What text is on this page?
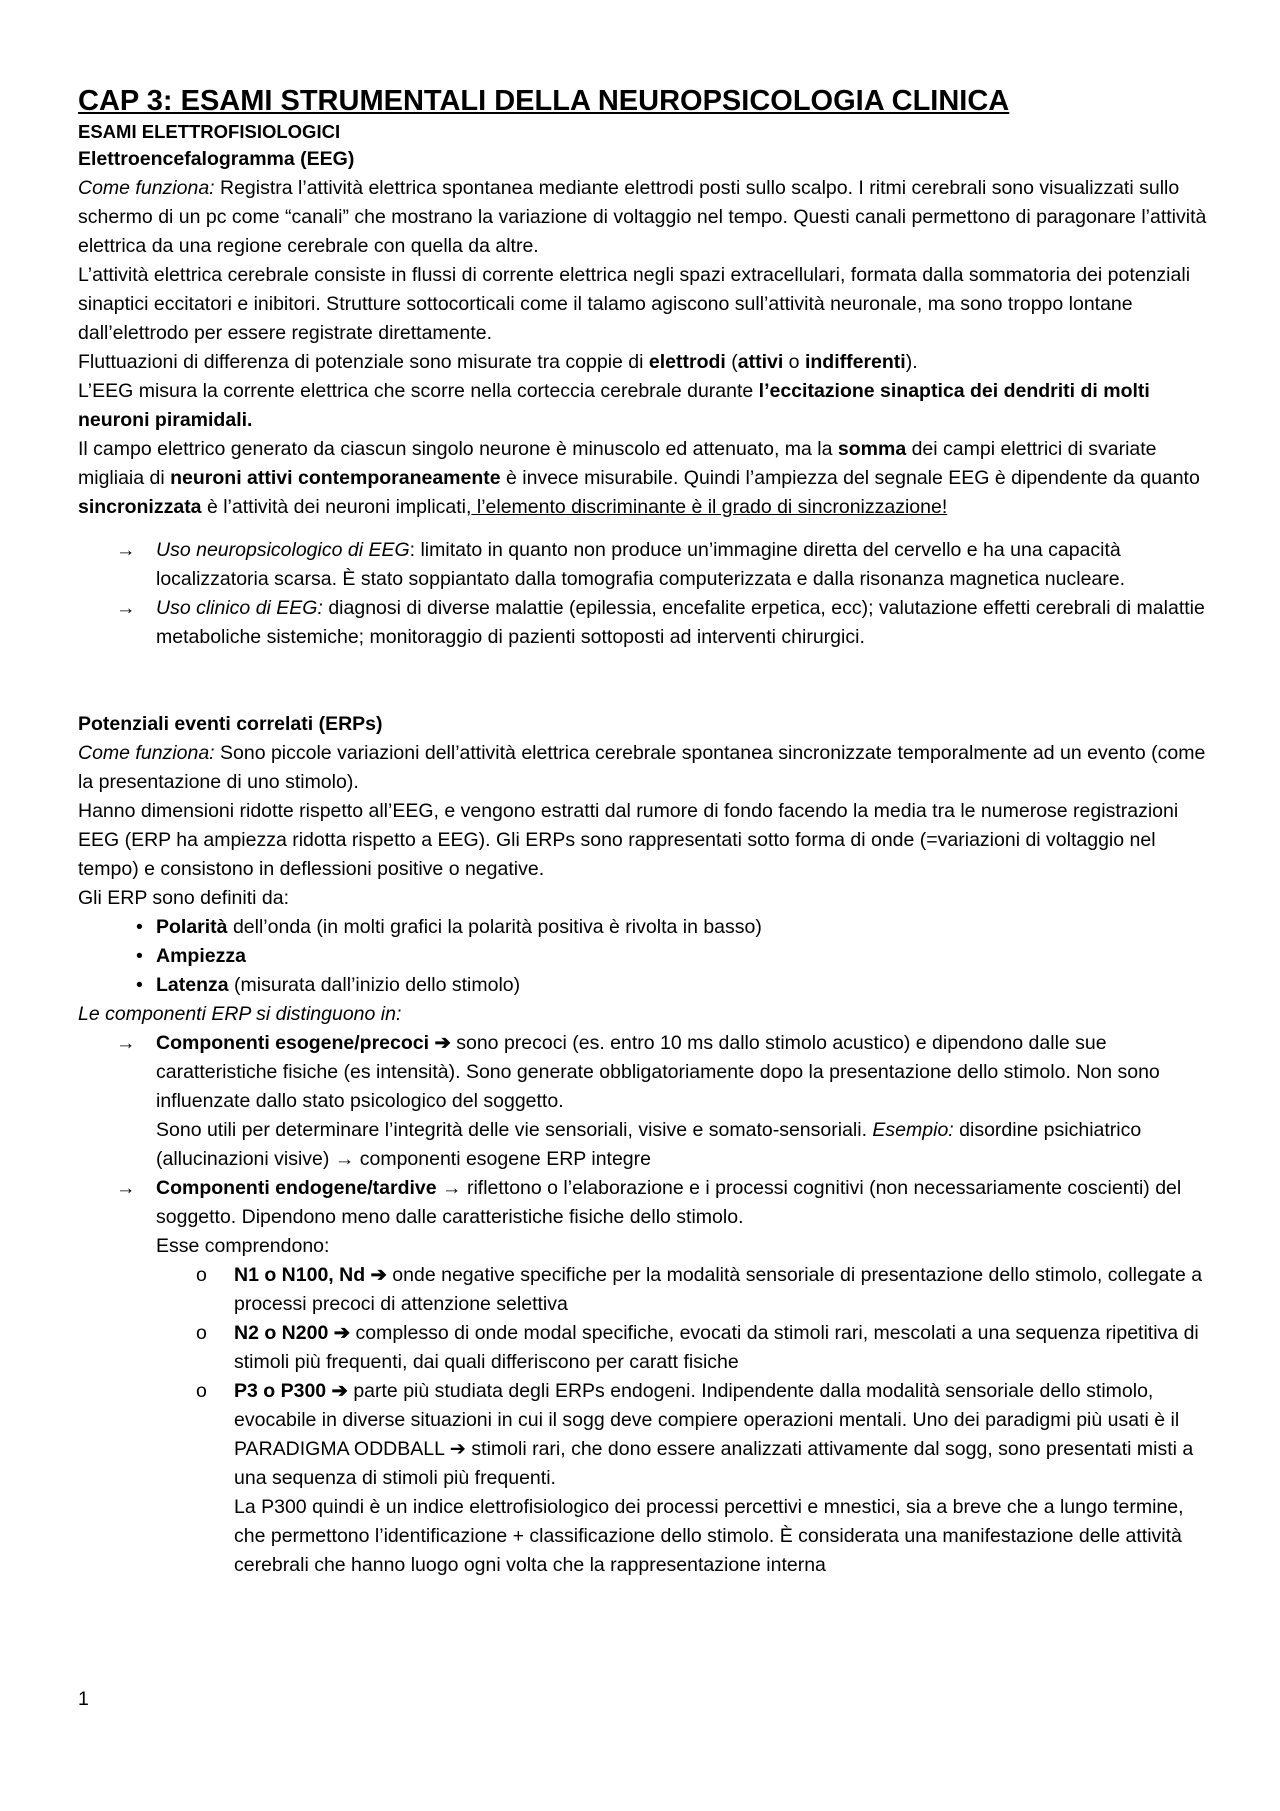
CAP 3: ESAMI STRUMENTALI DELLA NEUROPSICOLOGIA CLINICA
ESAMI ELETTROFISIOLOGICI
Elettroencefalogramma (EEG)

Come funziona: Registra l’attività elettrica spontanea mediante elettrodi posti sullo scalpo. I ritmi cerebrali sono visualizzati sullo schermo di un pc come “canali” che mostrano la variazione di voltaggio nel tempo. Questi canali permettono di paragonare l’attività elettrica da una regione cerebrale con quella da altre.

L’attività elettrica cerebrale consiste in flussi di corrente elettrica negli spazi extracellulari, formata dalla sommatoria dei potenziali sinaptici eccitatori e inibitori. Strutture sottocorticali come il talamo agiscono sull’attività neuronale, ma sono troppo lontane dall’elettrodo per essere registrate direttamente.

Fluttuazioni di differenza di potenziale sono misurate tra coppie di elettrodi (attivi o indifferenti).

L’EEG misura la corrente elettrica che scorre nella corteccia cerebrale durante l’eccitazione sinaptica dei dendriti di molti neuroni piramidali.

Il campo elettrico generato da ciascun singolo neurone è minuscolo ed attenuato, ma la somma dei campi elettrici di svariate migliaia di neuroni attivi contemporaneamente è invece misurabile. Quindi l’ampiezza del segnale EEG è dipendente da quanto sincronizzata è l’attività dei neuroni implicati, l’elemento discriminante è il grado di sincronizzazione!

→ Uso neuropsicologico di EEG: limitato in quanto non produce un’immagine diretta del cervello e ha una capacità localizzatoria scarsa. È stato soppiantato dalla tomografia computerizzata e dalla risonanza magnetica nucleare.
→ Uso clinico di EEG: diagnosi di diverse malattie (epilessia, encefalite erpetica, ecc); valutazione effetti cerebrali di malattie metaboliche sistemiche; monitoraggio di pazienti sottoposti ad interventi chirurgici.
Potenziali eventi correlati (ERPs)

Come funziona: Sono piccole variazioni dell’attività elettrica cerebrale spontanea sincronizzate temporalmente ad un evento (come la presentazione di uno stimolo).

Hanno dimensioni ridotte rispetto all’EEG, e vengono estratti dal rumore di fondo facendo la media tra le numerose registrazioni EEG (ERP ha ampiezza ridotta rispetto a EEG). Gli ERPs sono rappresentati sotto forma di onde (=variazioni di voltaggio nel tempo) e consistono in deflessioni positive o negative.

Gli ERP sono definiti da:

• Polarità dell’onda (in molti grafici la polarità positiva è rivolta in basso)
• Ampiezza
• Latenza (misurata dall’inizio dello stimolo)

Le componenti ERP si distinguono in:

→ Componenti esogene/precoci ➔ sono precoci (es. entro 10 ms dallo stimolo acustico) e dipendono dalle sue caratteristiche fisiche (es intensità). Sono generate obbligatoriamente dopo la presentazione dello stimolo. Non sono influenzate dallo stato psicologico del soggetto.
Sono utili per determinare l’integrità delle vie sensoriali, visive e somato-sensoriali. Esempio: disordine psichiatrico (allucinazioni visive) → componenti esogene ERP integre
→ Componenti endogene/tardive → riflettono o l’elaborazione e i processi cognitivi (non necessariamente coscienti) del soggetto. Dipendono meno dalle caratteristiche fisiche dello stimolo.
Esse comprendono:
o N1 o N100, Nd ➔ onde negative specifiche per la modalità sensoriale di presentazione dello stimolo, collegate a processi precoci di attenzione selettiva
o N2 o N200 ➔ complesso di onde modal specifiche, evocati da stimoli rari, mescolati a una sequenza ripetitiva di stimoli più frequenti, dai quali differiscono per caratt fisiche
o P3 o P300 ➔ parte più studiata degli ERPs endogeni. Indipendente dalla modalità sensoriale dello stimolo, evocabile in diverse situazioni in cui il sogg deve compiere operazioni mentali. Uno dei paradigmi più usati è il PARADIGMA ODDBALL ➔ stimoli rari, che dono essere analizzati attivamente dal sogg, sono presentati misti a una sequenza di stimoli più frequenti.

La P300 quindi è un indice elettrofisiologico dei processi percettivi e mnestici, sia a breve che a lungo termine, che permettono l’identificazione + classificazione dello stimolo. È considerata una manifestazione delle attività cerebrali che hanno luogo ogni volta che la rappresentazione interna

1
